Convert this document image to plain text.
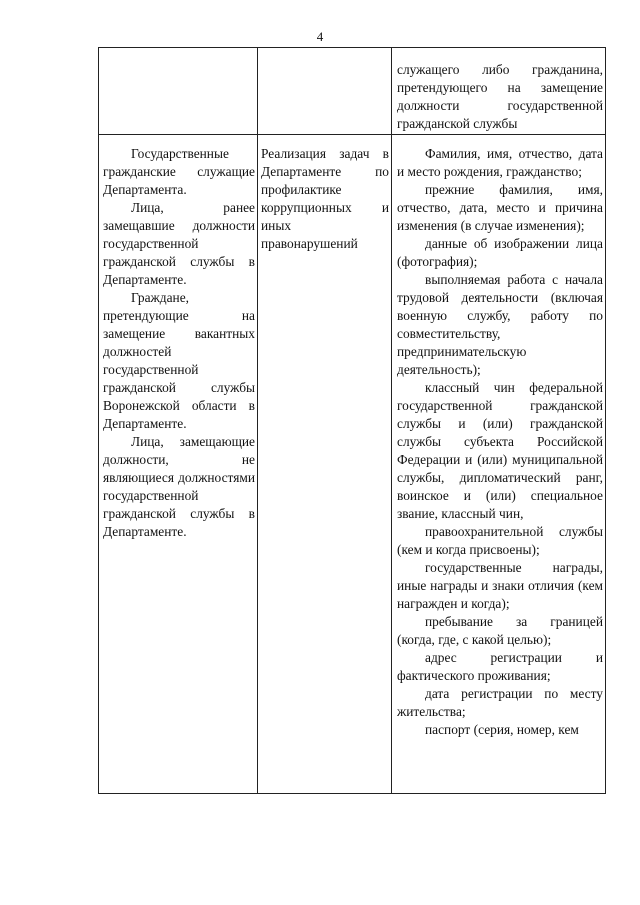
4

служащего либо гражданина, претендующего на замещение должности государственной гражданской службы

Государственные гражданские служащие Департамента.

Лица, ранее замещавшие должности государственной гражданской службы в Департаменте.

Граждане, претендующие на замещение вакантных должностей государственной гражданской службы Воронежской области в Департаменте.

Лица, замещающие должности, не являющиеся должностями государственной гражданской службы в Департаменте.

Реализация задач в Департаменте по профилактике коррупционных и иных правонарушений

Фамилия, имя, отчество, дата и место рождения, гражданство;

прежние фамилия, имя, отчество, дата, место и причина изменения (в случае изменения);

данные об изображении лица (фотография);

выполняемая работа с начала трудовой деятельности (включая военную службу, работу по совместительству, предпринимательскую деятельность);

классный чин федеральной государственной гражданской службы и (или) гражданской службы субъекта Российской Федерации и (или) муниципальной службы, дипломатический ранг, воинское и (или) специальное звание, классный чин,

правоохранительной службы (кем и когда присвоены);

государственные награды, иные награды и знаки отличия (кем награжден и когда);

пребывание за границей (когда, где, с какой целью);

адрес регистрации и фактического проживания;

дата регистрации по месту жительства;

паспорт (серия, номер, кем
